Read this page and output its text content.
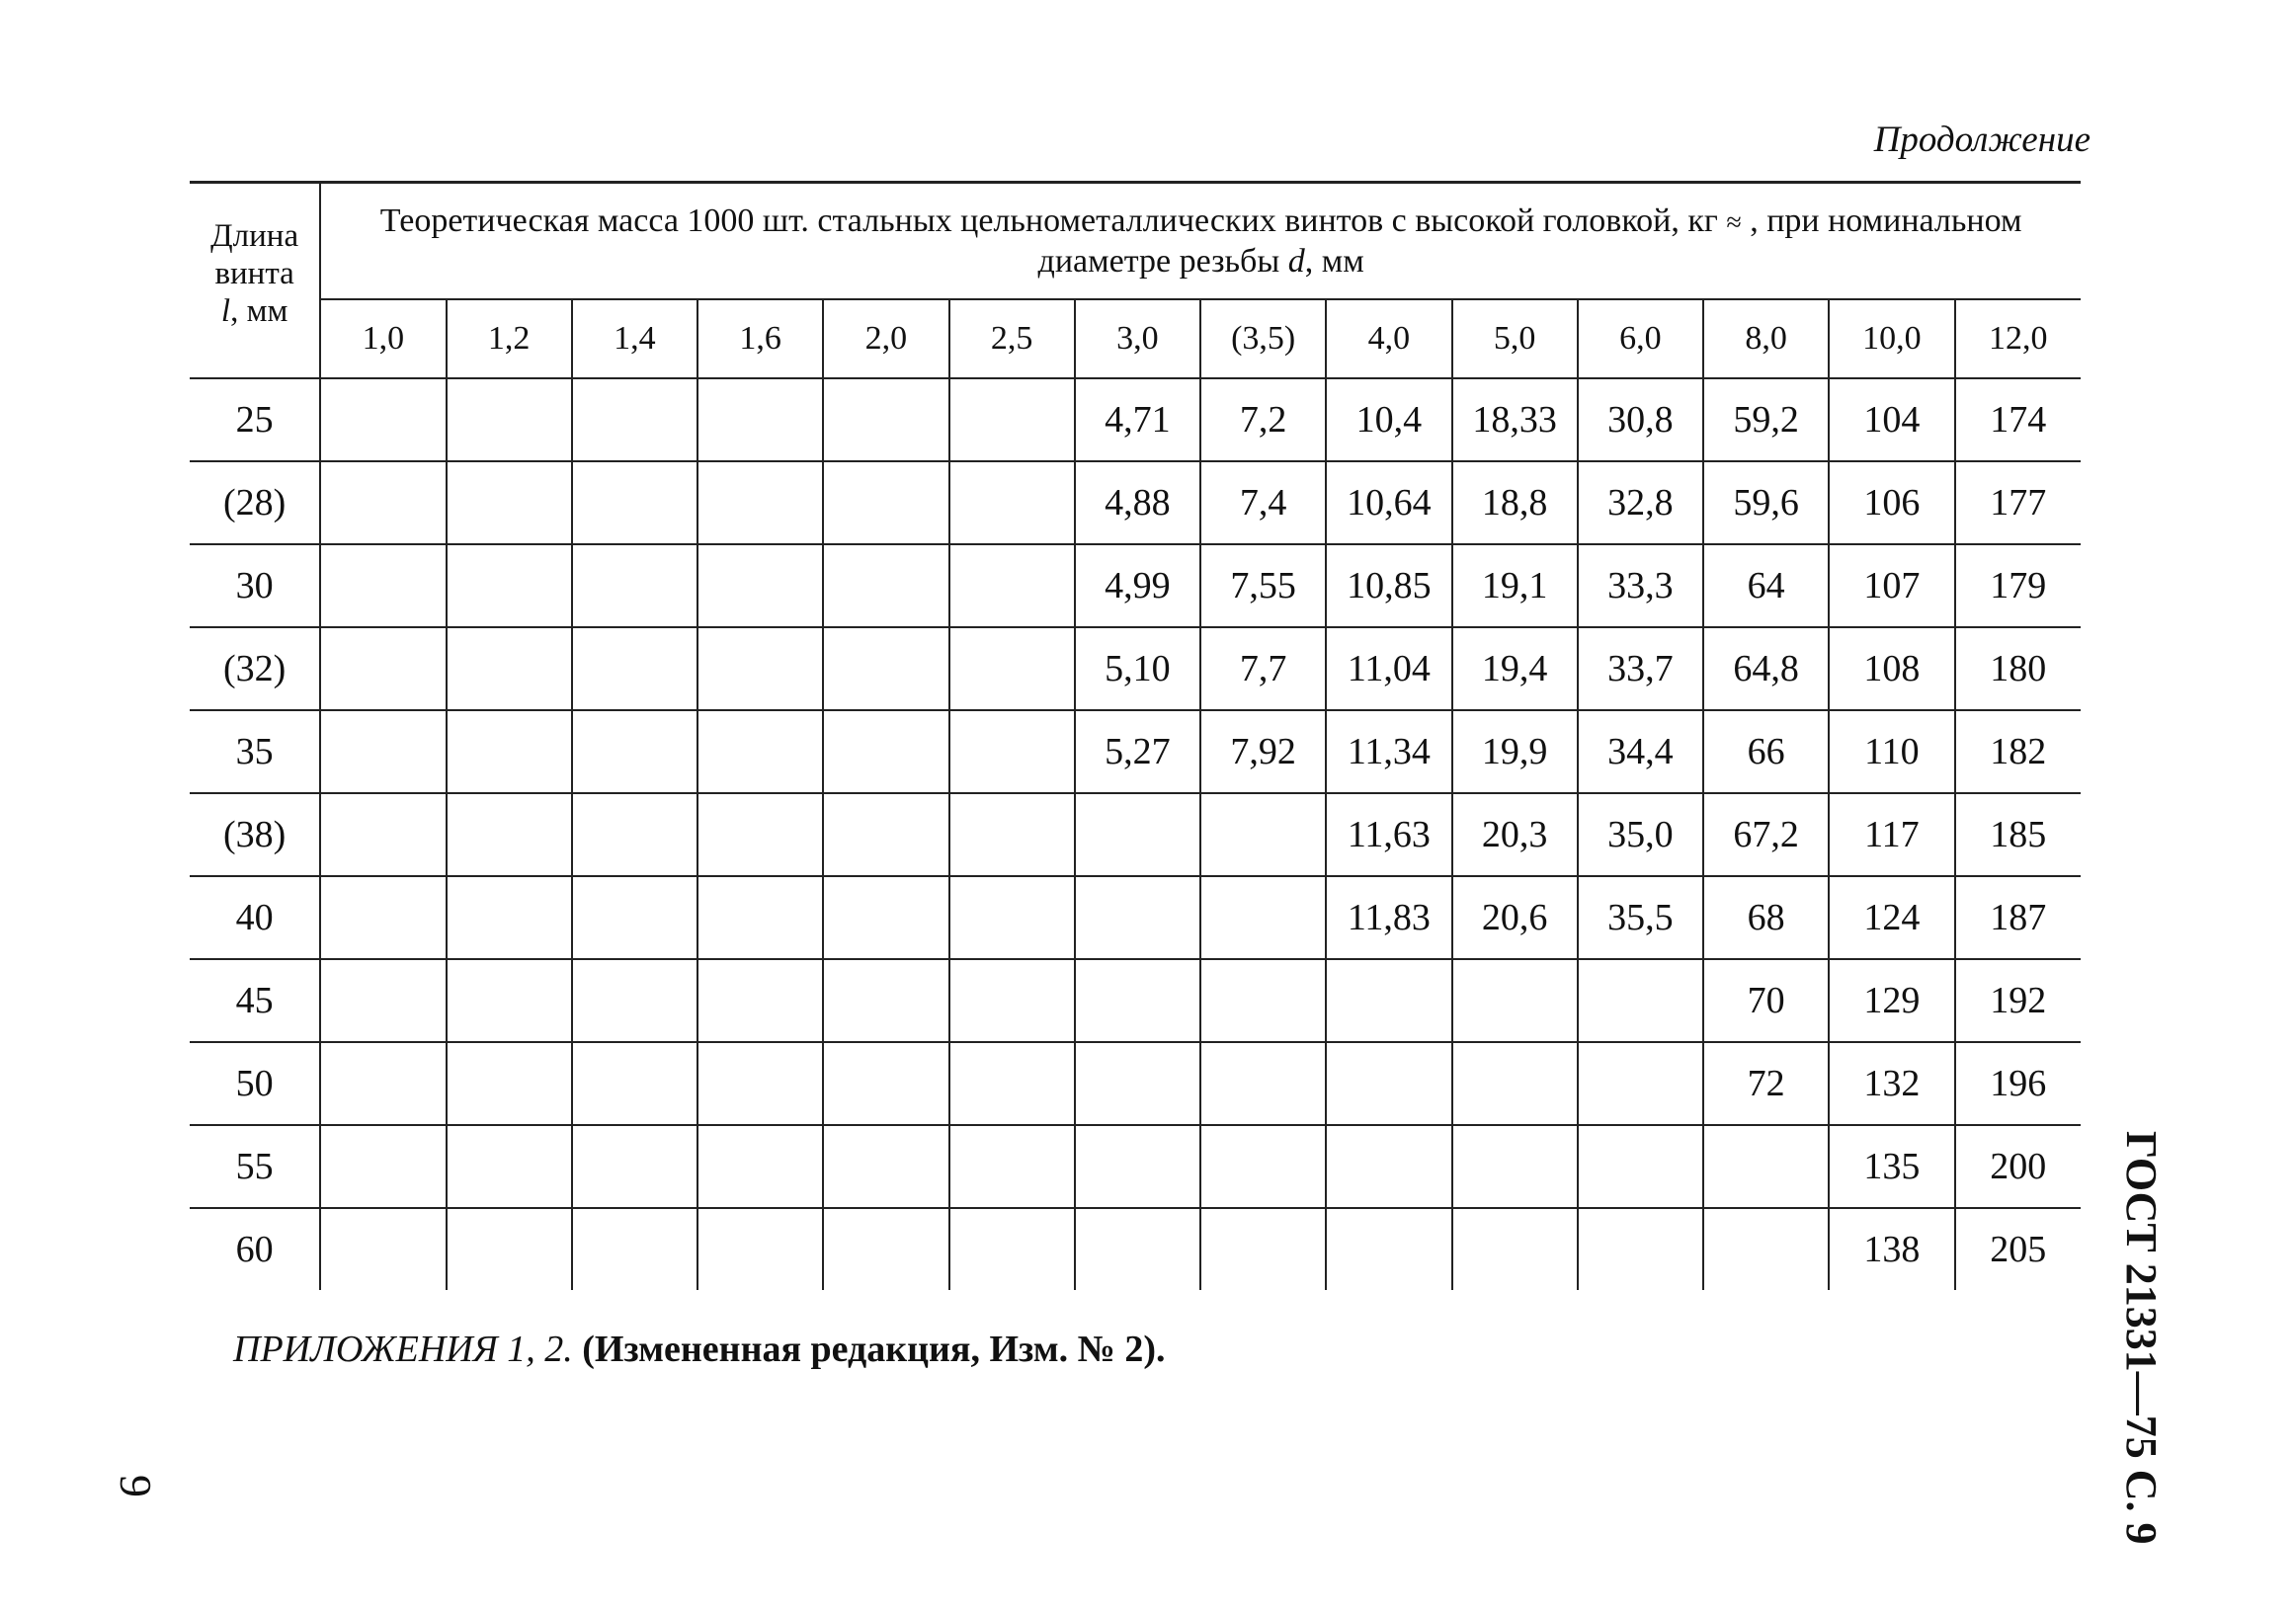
Продолжение
Длина
винта
l, мм	Теоретическая масса 1000 шт. стальных цельнометаллических винтов с высокой головкой, кг ≈ , при номинальном диаметре резьбы d, мм													
	1,0	1,2	1,4	1,6	2,0	2,5	3,0	(3,5)	4,0	5,0	6,0	8,0	10,0	12,0
25							4,71	7,2	10,4	18,33	30,8	59,2	104	174
(28)							4,88	7,4	10,64	18,8	32,8	59,6	106	177
30							4,99	7,55	10,85	19,1	33,3	64	107	179
(32)							5,10	7,7	11,04	19,4	33,7	64,8	108	180
35							5,27	7,92	11,34	19,9	34,4	66	110	182
(38)									11,63	20,3	35,0	67,2	117	185
40									11,83	20,6	35,5	68	124	187
45												70	129	192
50												72	132	196
55													135	200
60													138	205
ПРИЛОЖЕНИЯ 1, 2. (Измененная редакция, Изм. № 2).	ГОСТ 21331—75 С. 9
9
